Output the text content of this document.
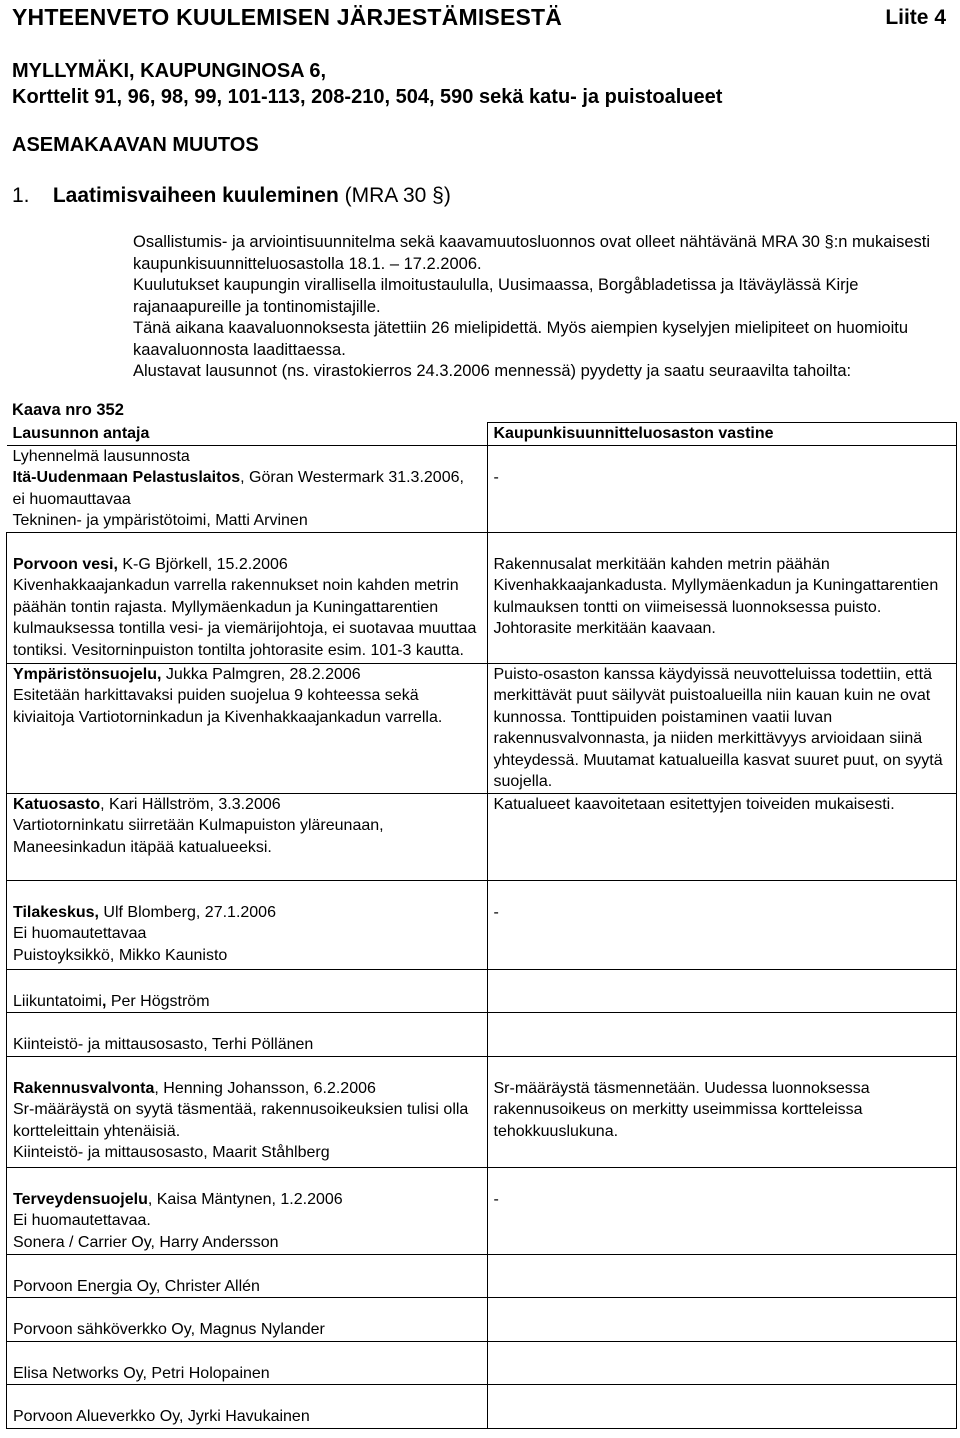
YHTEENVETO KUULEMISEN JÄRJESTÄMISESTÄ	Liite 4
MYLLYMÄKI, KAUPUNGINOSA 6,
Korttelit 91, 96, 98, 99, 101-113, 208-210, 504, 590 sekä katu- ja puistoalueet
ASEMAKAAVAN MUUTOS
1. Laatimisvaiheen kuuleminen (MRA 30 §)

Osallistumis- ja arviointisuunnitelma sekä kaavamuutosluonnos ovat olleet nähtävänä MRA 30 §:n mukaisesti kaupunkisuunnitteluosastolla 18.1. – 17.2.2006.

Kuulutukset kaupungin virallisella ilmoitustaululla, Uusimaassa, Borgåbladetissa ja Itäväylässä Kirje rajanaapureille ja tontinomistajille.

Tänä aikana kaavaluonnoksesta jätettiin 26 mielipidettä. Myös aiempien kyselyjen mielipiteet on huomioitu kaavaluonnosta laadittaessa.

Alustavat lausunnot (ns. virastokierros 24.3.2006 mennessä) pyydetty ja saatu seuraavilta tahoilta:

Kaava nro 352
Lausunnon antaja	Kaupunkisuunnitteluosaston vastine

Lyhennelmä lausunnosta
Itä-Uudenmaan Pelastuslaitos, Göran Westermark 31.3.2006, ei huomauttavaa
Tekninen- ja ympäristötoimi, Matti Arvinen	-

Porvoon vesi, K-G Björkell, 15.2.2006
Kivenhakkaajankadun varrella rakennukset noin kahden metrin päähän tontin rajasta. Myllymäenkadun ja Kuningattarentien kulmauksessa tontilla vesi- ja viemärijohtoja, ei suotavaa muuttaa tontiksi. Vesitorninpuiston tontilta johtorasite esim. 101-3 kautta.	Rakennusalat merkitään kahden metrin päähän Kivenhakkaajankadusta. Myllymäenkadun ja Kuningattarentien kulmauksen tontti on viimeisessä luonnoksessa puisto. Johtorasite merkitään kaavaan.

Ympäristönsuojelu, Jukka Palmgren, 28.2.2006
Esitetään harkittavaksi puiden suojelua 9 kohteessa sekä kiviaitoja Vartiotorninkadun ja Kivenhakkaajankadun varrella.	Puisto-osaston kanssa käydyissä neuvotteluissa todettiin, että merkittävät puut säilyvät puistoalueilla niin kauan kuin ne ovat kunnossa. Tonttipuiden poistaminen vaatii luvan rakennusvalvonnasta, ja niiden merkittävyys arvioidaan siinä yhteydessä. Muutamat katualueilla kasvat suuret puut, on syytä suojella.

Katuosasto, Kari Hällström, 3.3.2006
Vartiotorninkatu siirretään Kulmapuiston yläreunaan, Maneesinkadun itäpää katualueeksi.	Katualueet kaavoitetaan esitettyjen toiveiden mukaisesti.

Tilakeskus, Ulf Blomberg, 27.1.2006
Ei huomautettavaa
Puistoyksikkö, Mikko Kaunisto	-

Liikuntatoimi, Per Högström	

Kiinteistö- ja mittausosasto, Terhi Pöllänen	

Rakennusvalvonta, Henning Johansson, 6.2.2006
Sr-määräystä on syytä täsmentää, rakennusoikeuksien tulisi olla kortteleittain yhtenäisiä.
Kiinteistö- ja mittausosasto, Maarit Ståhlberg	Sr-määräystä täsmennetään. Uudessa luonnoksessa rakennusoikeus on merkitty useimmissa kortteleissa tehokkuuslukuna.

Terveydensuojelu, Kaisa Mäntynen, 1.2.2006
Ei huomautettavaa.
Sonera / Carrier Oy, Harry Andersson	-

Porvoon Energia Oy, Christer Allén	

Porvoon sähköverkko Oy, Magnus Nylander	

Elisa Networks Oy, Petri Holopainen	

Porvoon Alueverkko Oy, Jyrki Havukainen	
